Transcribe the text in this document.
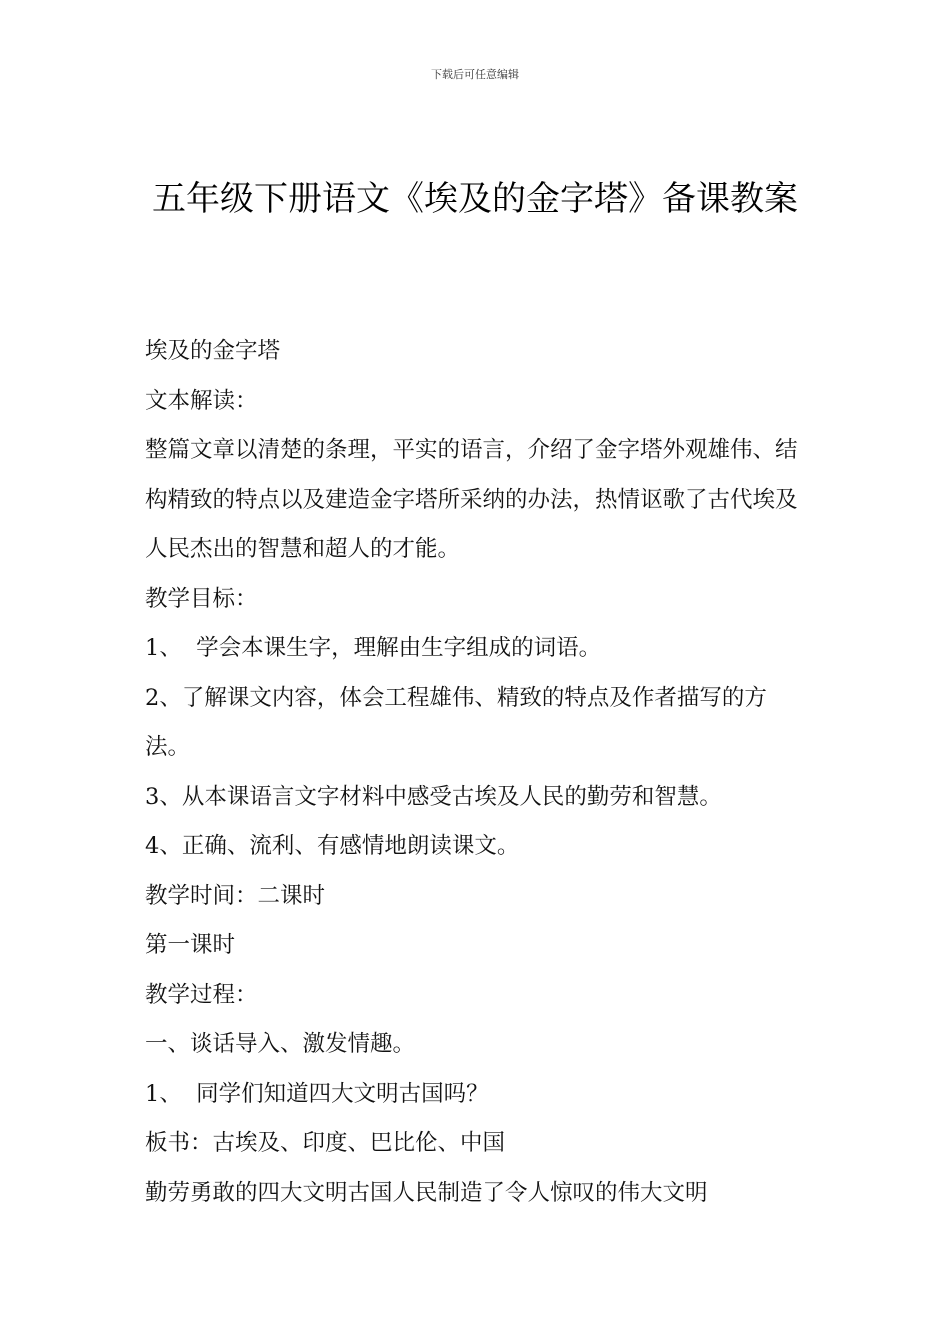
下载后可任意编辑
五年级下册语文《埃及的金字塔》备课教案

埃及的金字塔

文本解读：

整篇文章以清楚的条理，平实的语言，介绍了金字塔外观雄伟、结构精致的特点以及建造金字塔所采纳的办法，热情讴歌了古代埃及人民杰出的智慧和超人的才能。

教学目标：

1、  学会本课生字，理解由生字组成的词语。

2、了解课文内容，体会工程雄伟、精致的特点及作者描写的方法。

3、从本课语言文字材料中感受古埃及人民的勤劳和智慧。

4、正确、流利、有感情地朗读课文。

教学时间：二课时

第一课时

教学过程：

一、谈话导入、激发情趣。

1、  同学们知道四大文明古国吗？

板书：古埃及、印度、巴比伦、中国

勤劳勇敢的四大文明古国人民制造了令人惊叹的伟大文明
